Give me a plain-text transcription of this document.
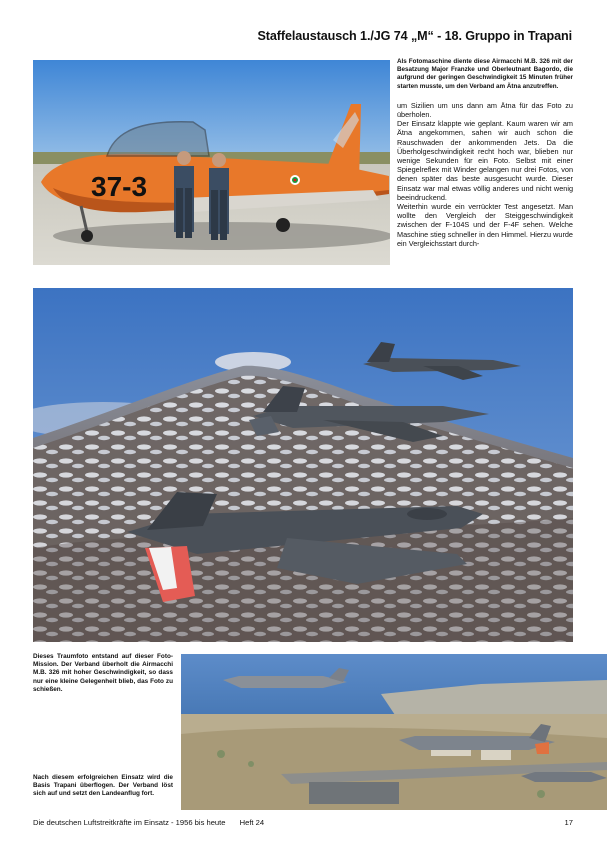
Staffelaustausch 1./JG 74 „M“ - 18. Gruppo in Trapani
37-3
Als Fotomaschine diente diese Airmacchi M.B. 326 mit der Besatzung Major Franzke und Oberleutnant Bagordo, die aufgrund der geringen Geschwindigkeit 15 Minuten früher starten musste, um den Verband am Ätna anzutreffen.

um Sizilien um uns dann am Ätna für das Foto zu überholen.

Der Einsatz klappte wie geplant. Kaum waren wir am Ätna angekommen, sahen wir auch schon die Rauschwaden der ankommenden Jets. Da die Überholgeschwindigkeit recht hoch war, blieben nur wenige Sekunden für ein Foto. Selbst mit einer Spiegelreflex mit Winder gelangen nur drei Fotos, von denen später das beste ausgesucht wurde. Dieser Einsatz war mal etwas völlig anderes und nicht wenig beeindruckend.

Weiterhin wurde ein verrückter Test angesetzt. Man wollte den Vergleich der Steiggeschwindigkeit zwischen der F-104S und der F-4F sehen. Welche Maschine stieg schneller in den Himmel. Hierzu wurde ein Vergleichsstart durch-

Dieses Traumfoto entstand auf dieser Foto-Mission. Der Verband überholt die Airmacchi M.B. 326 mit hoher Geschwindigkeit, so dass nur eine kleine Gelegenheit blieb, das Foto zu schießen.
Nach diesem erfolgreichen Einsatz wird die Basis Trapani überflogen. Der Verband löst sich auf und setzt den Landeanflug fort.
Die deutschen Luftstreitkräfte im Einsatz - 1956 bis heute Heft 24	17
